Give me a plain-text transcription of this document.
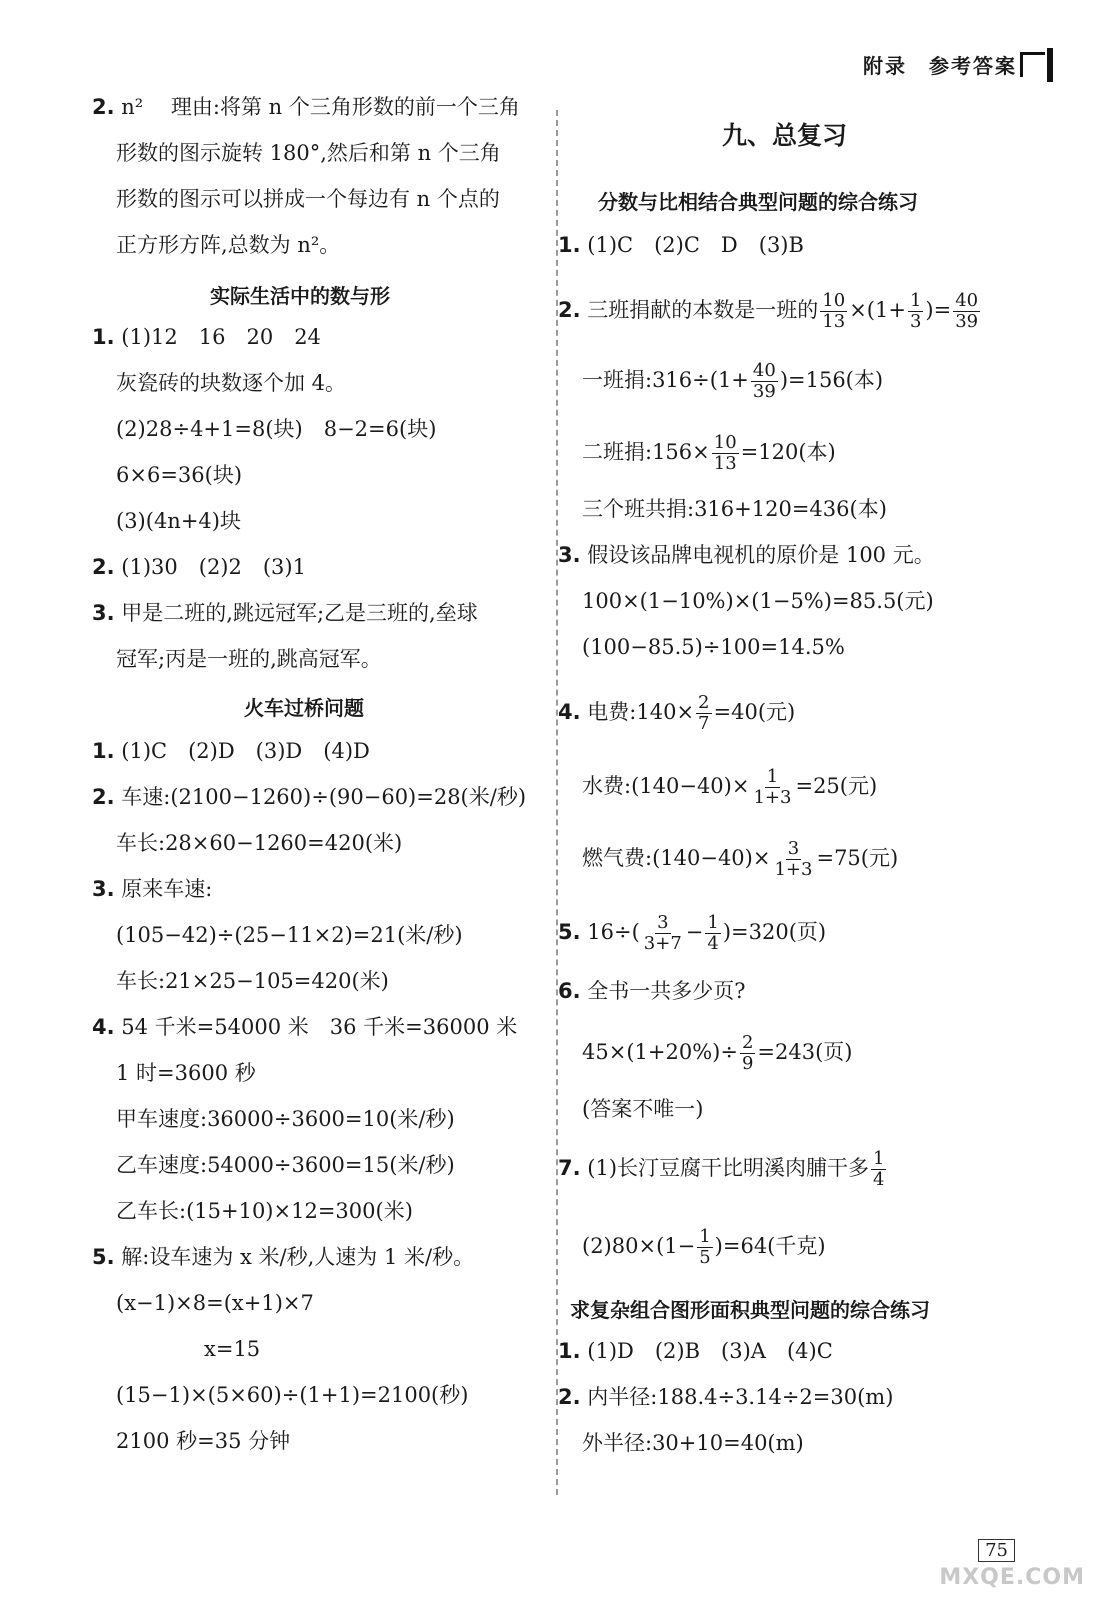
附录 参考答案
2. n² 　理由:将第 n 个三角形数的前一个三角
形数的图示旋转 180°,然后和第 n 个三角
形数的图示可以拼成一个每边有 n 个点的
正方形方阵,总数为 n²。
实际生活中的数与形
1. (1)12　16　20　24
灰瓷砖的块数逐个加 4。
(2)28÷4+1=8(块)　8−2=6(块)
6×6=36(块)
(3)(4n+4)块
2. (1)30　(2)2　(3)1
3. 甲是二班的,跳远冠军;乙是三班的,垒球
冠军;丙是一班的,跳高冠军。
火车过桥问题
1. (1)C　(2)D　(3)D　(4)D
2. 车速:(2100−1260)÷(90−60)=28(米/秒)
车长:28×60−1260=420(米)
3. 原来车速:
(105−42)÷(25−11×2)=21(米/秒)
车长:21×25−105=420(米)
4. 54 千米=54000 米　36 千米=36000 米
1 时=3600 秒
甲车速度:36000÷3600=10(米/秒)
乙车速度:54000÷3600=15(米/秒)
乙车长:(15+10)×12=300(米)
5. 解:设车速为 x 米/秒,人速为 1 米/秒。
(x−1)×8=(x+1)×7
x=15
(15−1)×(5×60)÷(1+1)=2100(秒)
2100 秒=35 分钟
九、总复习
分数与比相结合典型问题的综合练习
1. (1)C　(2)C　D　(3)B
2. 三班捐献的本数是一班的 $\frac{10}{13} \times(1+ \frac{1}{3}$ )= $\frac{40}{39}$
一班捐:316÷(1+ $\frac{40}{39} )=156$(本)
二班捐:156× $\frac{10}{13} =120$(本)
三个班共捐:316+120=436(本)
3. 假设该品牌电视机的原价是 100 元。
100×(1−10%)×(1−5%)=85.5(元)
(100−85.5)÷100=14.5%
4. 电费:140× $\frac{2}{7} =40$(元)
水费:(140−40)× $\frac{1}{1+3} =25$(元)
燃气费:(140−40)× $\frac{3}{1+3} =75$(元)
5. $16\div( \frac{3}{3+7} - \frac{1}{4} )=320$(页)
6. 全书一共多少页?
$45\times(1+20\%)\div \frac{2}{9} =243$(页)
(答案不唯一)
7. (1)长汀豆腐干比明溪肉脯干多 $\frac{1}{4}$
$(2)80\times(1- \frac{1}{5} )=64$(千克)
求复杂组合图形面积典型问题的综合练习
1. (1)D　(2)B　(3)A　(4)C
2. 内半径:188.4÷3.14÷2=30(m)
外半径:30+10=40(m)
75
MXQE.COM
